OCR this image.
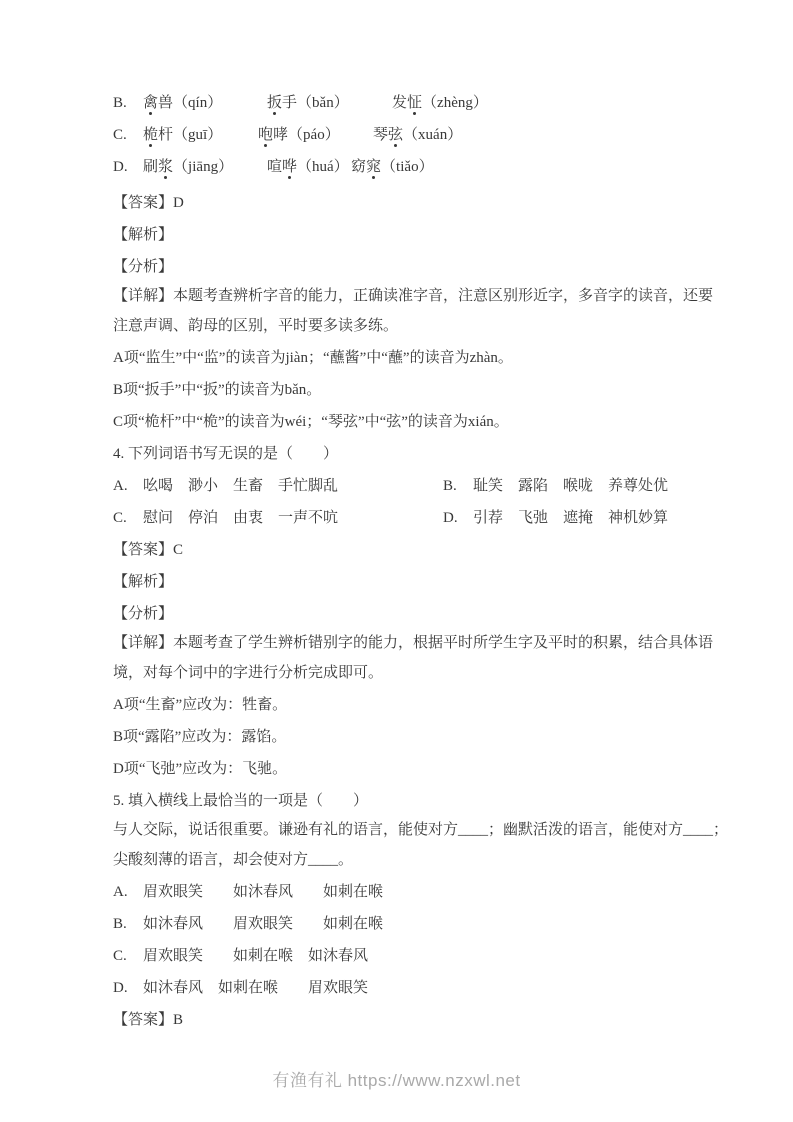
B. 禽兽（qín）	扳手（bǎn）	发怔（zhèng）
C. 桅杆（guī） 咆哮（páo） 琴弦（xuán）
D. 刷浆（jiāng） 喧哗（huá） 窈窕（tiǎo）
【答案】D
【解析】
【分析】
【详解】本题考查辨析字音的能力，正确读准字音，注意区别形近字，多音字的读音，还要
注意声调、韵母的区别，平时要多读多练。
A项“监生”中“监”的读音为jiàn；“蘸酱”中“蘸”的读音为zhàn。
B项“扳手”中“扳”的读音为bǎn。
C项“桅杆”中“桅”的读音为wéi；“琴弦”中“弦”的读音为xián。
4. 下列词语书写无误的是（　　）
A. 吆喝　渺小　生畜　手忙脚乱	B. 耻笑　露陷　喉咙　养尊处优
C. 慰问　停泊　由衷　一声不吭	D. 引荐　飞弛　遮掩　神机妙算
【答案】C
【解析】
【分析】
【详解】本题考查了学生辨析错别字的能力，根据平时所学生字及平时的积累，结合具体语
境，对每个词中的字进行分析完成即可。
A项“生畜”应改为：牲畜。
B项“露陷”应改为：露馅。
D项“飞弛”应改为：飞驰。
5. 填入横线上最恰当的一项是（　　）
与人交际，说话很重要。谦逊有礼的语言，能使对方____；幽默活泼的语言，能使对方____；
尖酸刻薄的语言，却会使对方____。
A. 眉欢眼笑　　如沐春风　　如刺在喉
B. 如沐春风　　眉欢眼笑　　如刺在喉
C. 眉欢眼笑　　如刺在喉　如沐春风
D. 如沐春风　如刺在喉　　眉欢眼笑
【答案】B
有渔有礼 https://www.nzxwl.net
